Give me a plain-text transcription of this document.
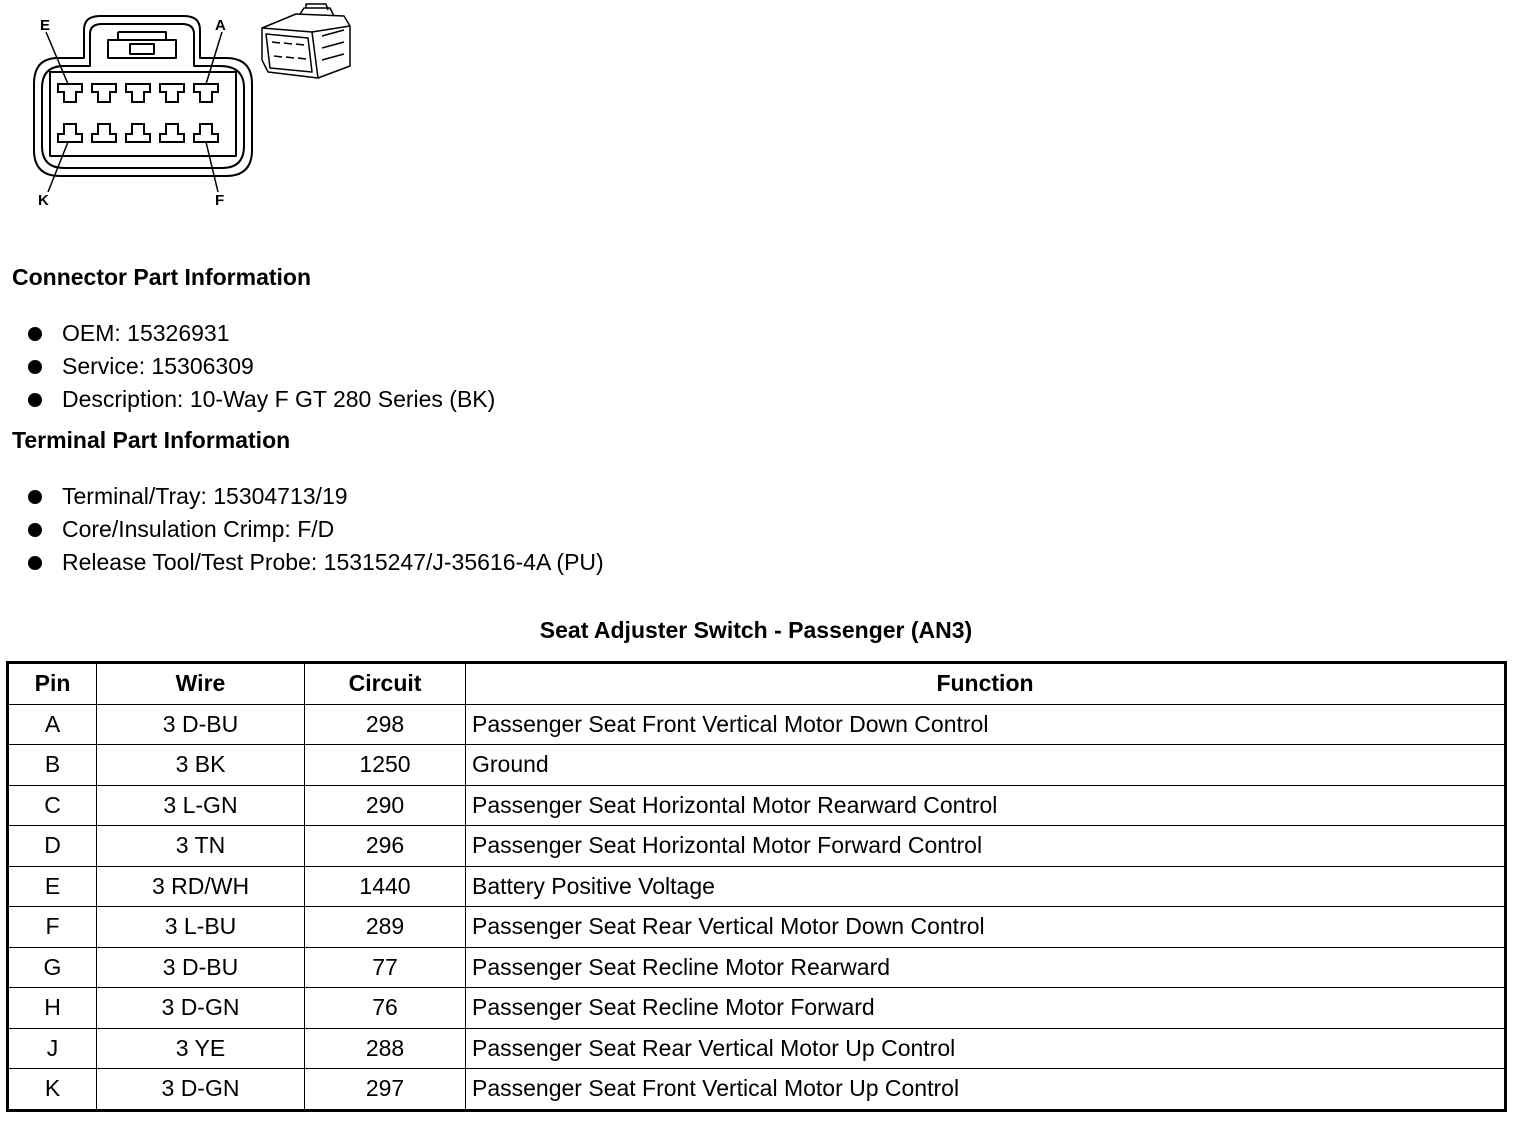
E	A
K	F
Connector Part Information
OEM: 15326931
Service: 15306309
Description: 10-Way F GT 280 Series (BK)
Terminal Part Information
Terminal/Tray: 15304713/19
Core/Insulation Crimp: F/D
Release Tool/Test Probe: 15315247/J-35616-4A (PU)
Seat Adjuster Switch - Passenger (AN3)
Pin	Wire	Circuit	Function
A	3 D-BU	298	Passenger Seat Front Vertical Motor Down Control
B	3 BK	1250	Ground
C	3 L-GN	290	Passenger Seat Horizontal Motor Rearward Control
D	3 TN	296	Passenger Seat Horizontal Motor Forward Control
E	3 RD/WH	1440	Battery Positive Voltage
F	3 L-BU	289	Passenger Seat Rear Vertical Motor Down Control
G	3 D-BU	77	Passenger Seat Recline Motor Rearward
H	3 D-GN	76	Passenger Seat Recline Motor Forward
J	3 YE	288	Passenger Seat Rear Vertical Motor Up Control
K	3 D-GN	297	Passenger Seat Front Vertical Motor Up Control
